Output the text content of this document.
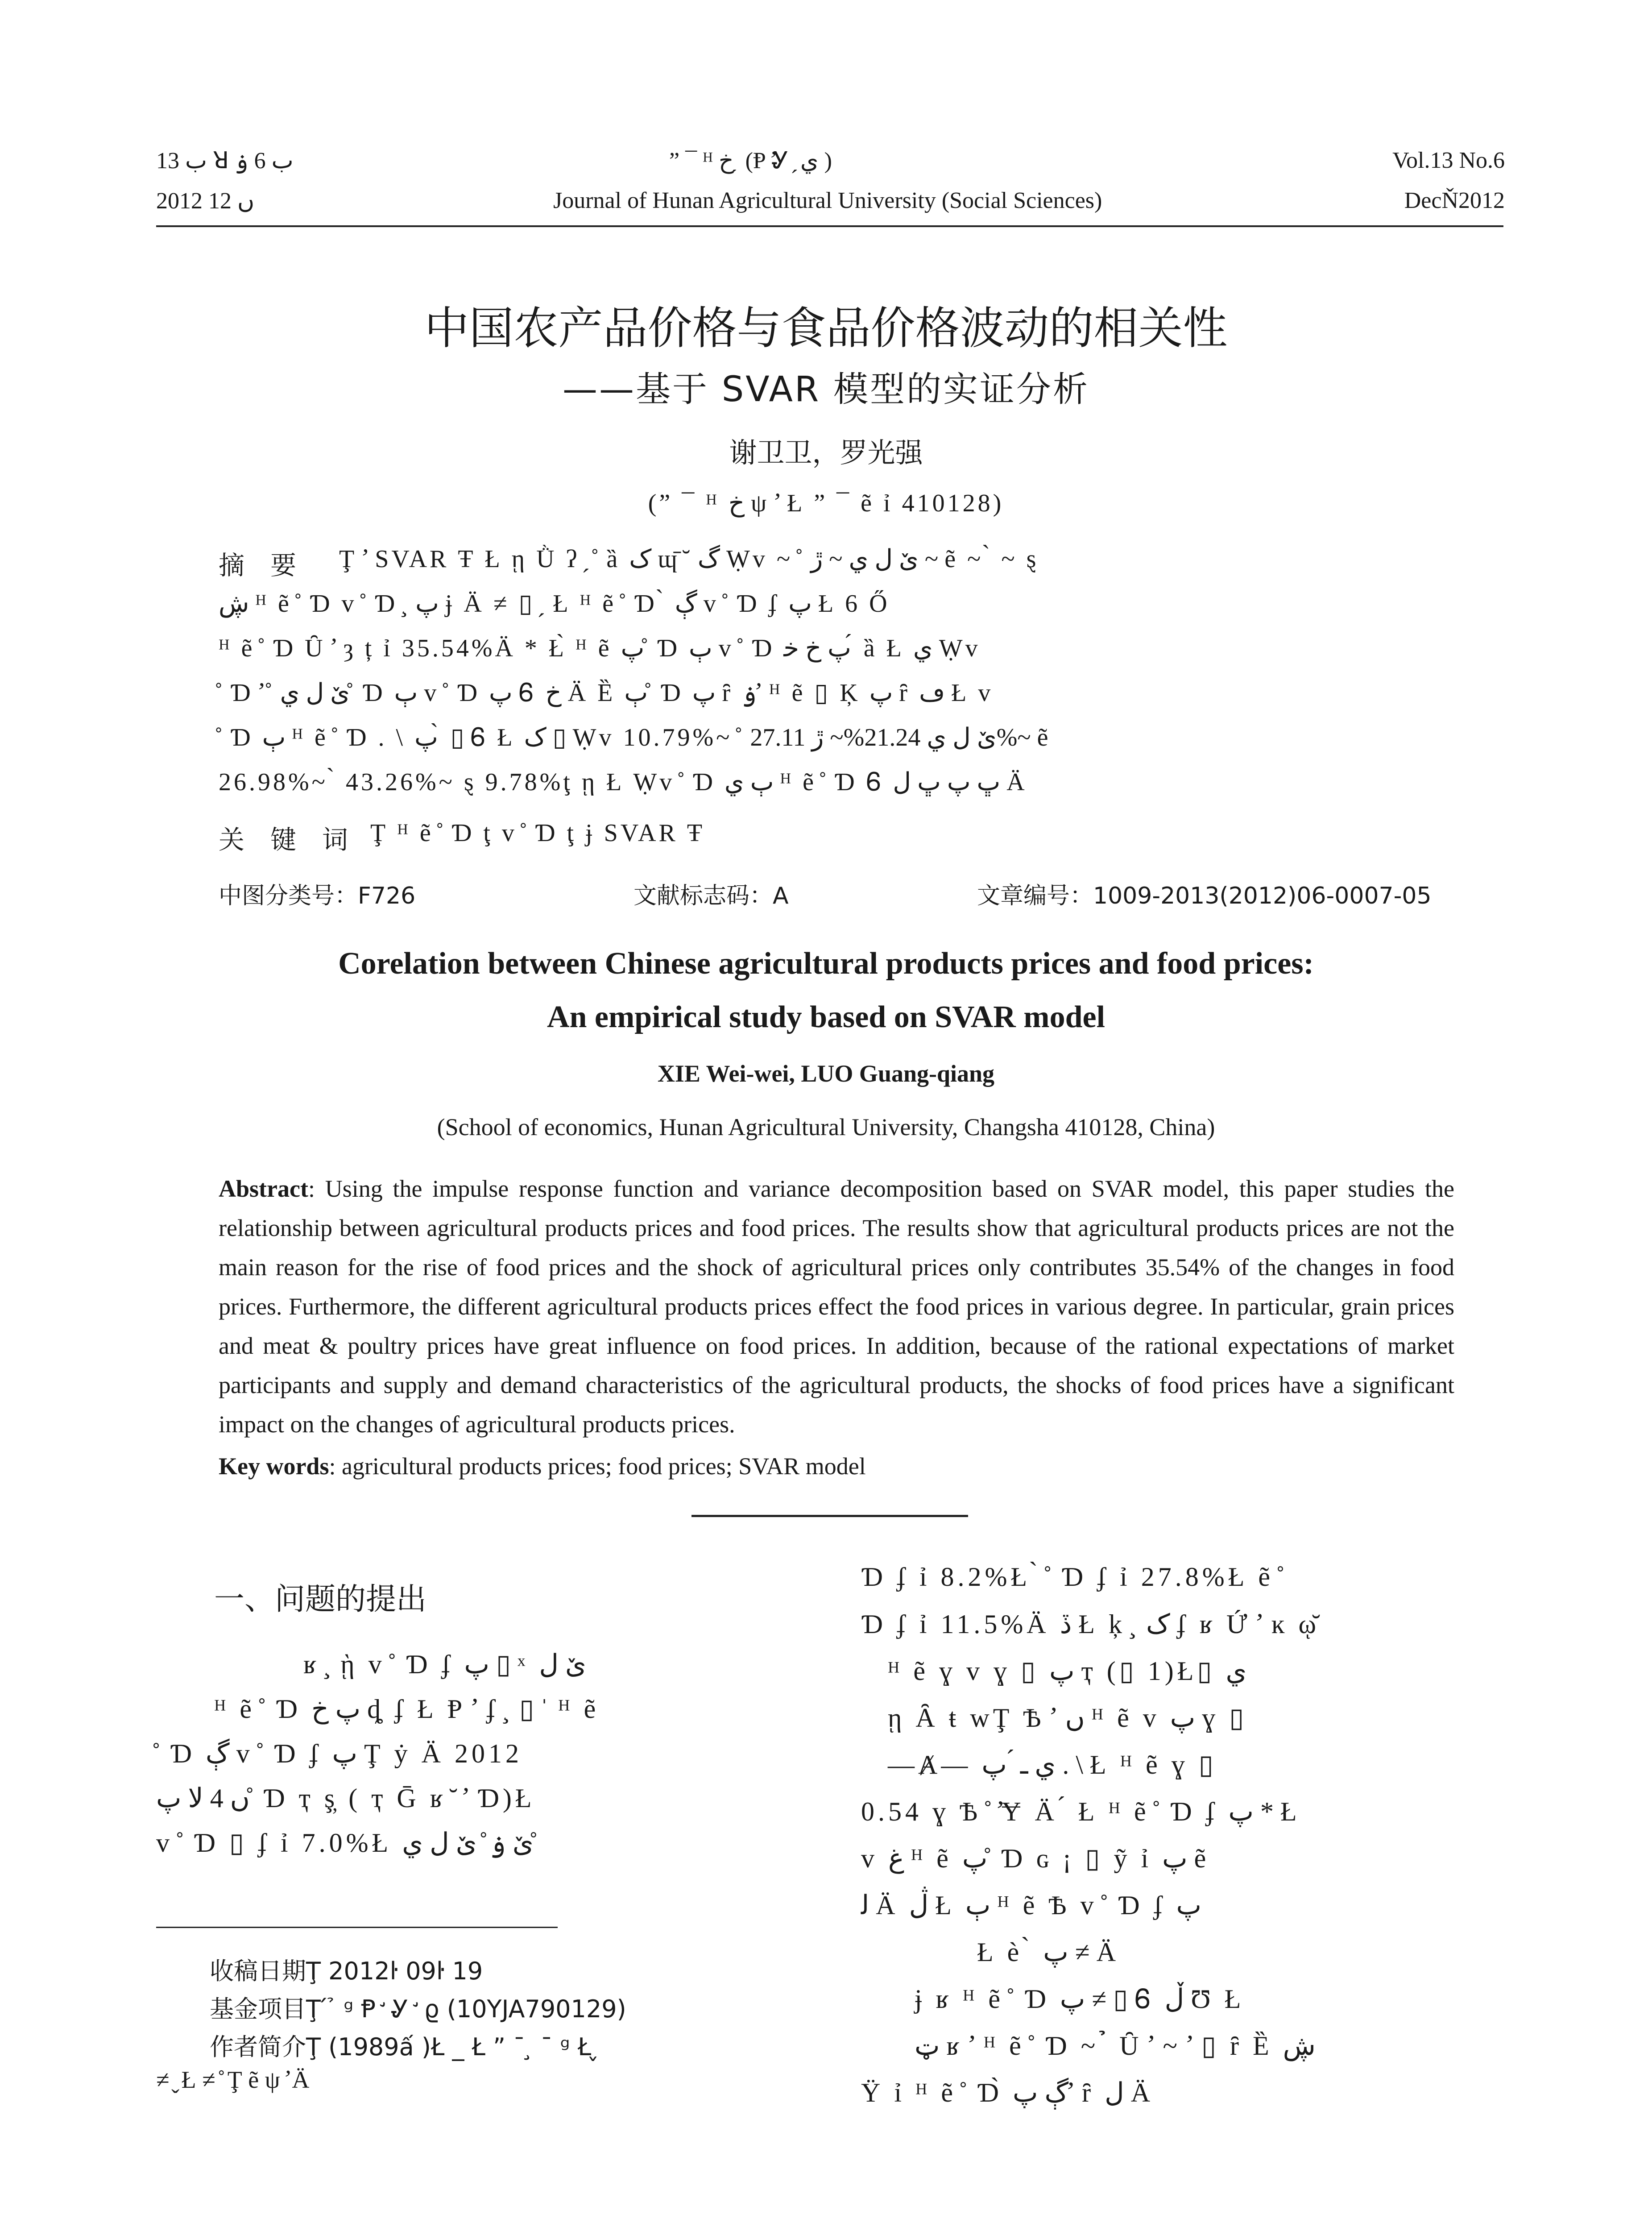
ب 13 ꓤ ب 6 ۏ	” ¯ ᴴ ﺥ ̗ (Ᵽ ̛Ꮍ ̗ ﻱ )	Vol.13 No.6
2012 ں 12	Journal of Hunan Agricultural University (Social Sciences)	DecŇ2012
中国农产品价格与食品价格波动的相关性
——基于 SVAR 模型的实证分析
谢卫卫，罗光强
(” ¯ ᴴ ﺥ ψ ̛ Ł ” ¯ ẽ ỉ 410128)
摘　要 Ţ ̛ SVAR Ŧ Ł ῃ Ǜ ʔ ̗ ̊ ȁ ک ɰ̄ ̆ گ Ẉv ~ ̊ ێ ل ي ~ ڙ ~ ẽ ~ ̀ ~ ȿ
ڜ ᴴ ẽ ̊ Ɗ v ̊ Ɗ ̧ پ ɉ Ä ≠ ▯ ̗ Ł ᴴ ẽ ̊ Ɗ ̀ ڳ v ̊ Ɗ ʄ پ Ł 6 Ő
ᴴ ẽ ̊ Ɗ Ȗ ̛ ȝ ț ỉ 35.54%Ä * Ł̀ ᴴ ẽ پ ̊ Ɗ ٻ v ̊ Ɗ پ ﺥ ﺧ ́ ȁ Ł ي Ẉv
̊ Ɗ ̛ ̊ ێ ل ي ̊ Ɗ ٻ v ̊ Ɗ پ Ꮾ ﺥ Ä Ȅ ٻ ̊ Ɗ پ ȓ ۏ ̛ ᴴ ẽ ▯ Ķ پ ȓ ڡ Ł v
̊ Ɗ ٻ ᴴ ẽ ̊ Ɗ . \ پ ̀ ▯ Ꮾ Ł ک ▯ Ẉv 10.79%~ ̊ ێ ل ي 21.24%~ ڙ 27.11%~ ẽ
26.98%~ ̀ 43.26%~ ȿ 9.78%ţ ῃ Ł Ẉv ̊ Ɗ ٻ ي ᴴ ẽ ̊ Ɗ Ꮾ ڀ پ ڀ ل Ä
关　键　词 Ţ ᴴ ẽ ̊ Ɗ ţ v ̊ Ɗ ţ ɉ SVAR Ŧ
中图分类号：F726	文献标志码：A	文章编号：1009-2013(2012)06-0007-05
Corelation between Chinese agricultural products prices and food prices:
An empirical study based on SVAR model
XIE Wei-wei, LUO Guang-qiang
(School of economics, Hunan Agricultural University, Changsha 410128, China)
Abstract: Using the impulse response function and variance decomposition based on SVAR model, this paper studies the relationship between agricultural products prices and food prices. The results show that agricultural products prices are not the main reason for the rise of food prices and the shock of agricultural prices only contributes 35.54% of the changes in food prices. Furthermore, the different agricultural products prices effect the food prices in various degree. In particular, grain prices and meat & poultry prices have great influence on food prices. In addition, because of the rational expectations of market participants and supply and demand characteristics of the agricultural products, the shocks of food prices have a significant impact on the changes of agricultural products prices.
Key words: agricultural products prices; food prices; SVAR model
一、问题的提出
ʁ ̧ ῂ v ̊ Ɗ ʄ پ ▯ ˣ ێ ل
ᴴ ẽ ̊ Ɗ پ ﺥ ȡ ʄ Ł Ᵽ ̛ ʄ ̧ ▯ ̍ ᴴ ẽ
̊ Ɗ ڳ v ̊ Ɗ ʄ پ Ţ ẏ Ä 2012
ں 4 ﻻ پ ̊ Ɗ ҭ ş̦ ( ҭ Ḡ ʁ ̆ ̛ Ɗ)Ł
v ̊ Ɗ ▯ ʄ ỉ 7.0%Ł ێ ۏ ̊ ێ ل ي ̊
收稿日期Ţ 2012ŀ 09ŀ 19
基金项目Ţ ́ ̉ ᵍ Ᵽ ̛ Ꮍ ̛ ϱ (10YJA790129)
作者简介Ţ (1989ấ )Ł _ Ł ” ¯ ̧ ¯ ᵍ Ł ̬
≠ ̬ Ł ≠ ̊ Ţ ẽ ψ ̛ Ä
Ɗ ʄ ỉ 8.2%Ł ̀ ̊ Ɗ ʄ ỉ 27.8%Ł ẽ ̊
Ɗ ʄ ỉ 11.5%Ä ڏ Ł ķ ̧ ک ʄ ʁ Ứ ̛ ĸ ῳ̆
ᴴ ẽ ɣ v ɣ ▯ پ ҭ (▯ 1)Ł▯ ﻱ
ῃ Ȃ ŧ wŢ Ѣ ̛ ں ᴴ ẽ v پ ɣ ▯
—Ⱥ— ي ـ ́ پ . \ Ł ᴴ ẽ ɣ ▯
0.54 ɣ Ѣ ̊ ̛Ɏ Ä ́ Ł ᴴ ẽ ̊ Ɗ ʄ پ * Ł
v ﻍ ᴴ ẽ پ ̊ Ɗ ɢ ¡ ▯ ỹ ỉ پ ẽ
ﻟ Ä ڷ Ł ٻ ᴴ ẽ Ѣ v ̊ Ɗ ʄ پ
Ł è ̀ پ ≠ Ä
ɉ ʁ ᴴ ẽ ̊ Ɗ پ ≠ ▯ Ꮾ ڵ Ʊ Ł
ټ ʁ ̛ ᴴ ẽ ̊ Ɗ ~ ̉ Ȗ ̛ ~ ̛ ▯ ȓ Ȅ ڜ
Ÿ ỉ ᴴ ẽ ̊ Ɗ̀ ڳ پ ̛ ȓ ل Ä
